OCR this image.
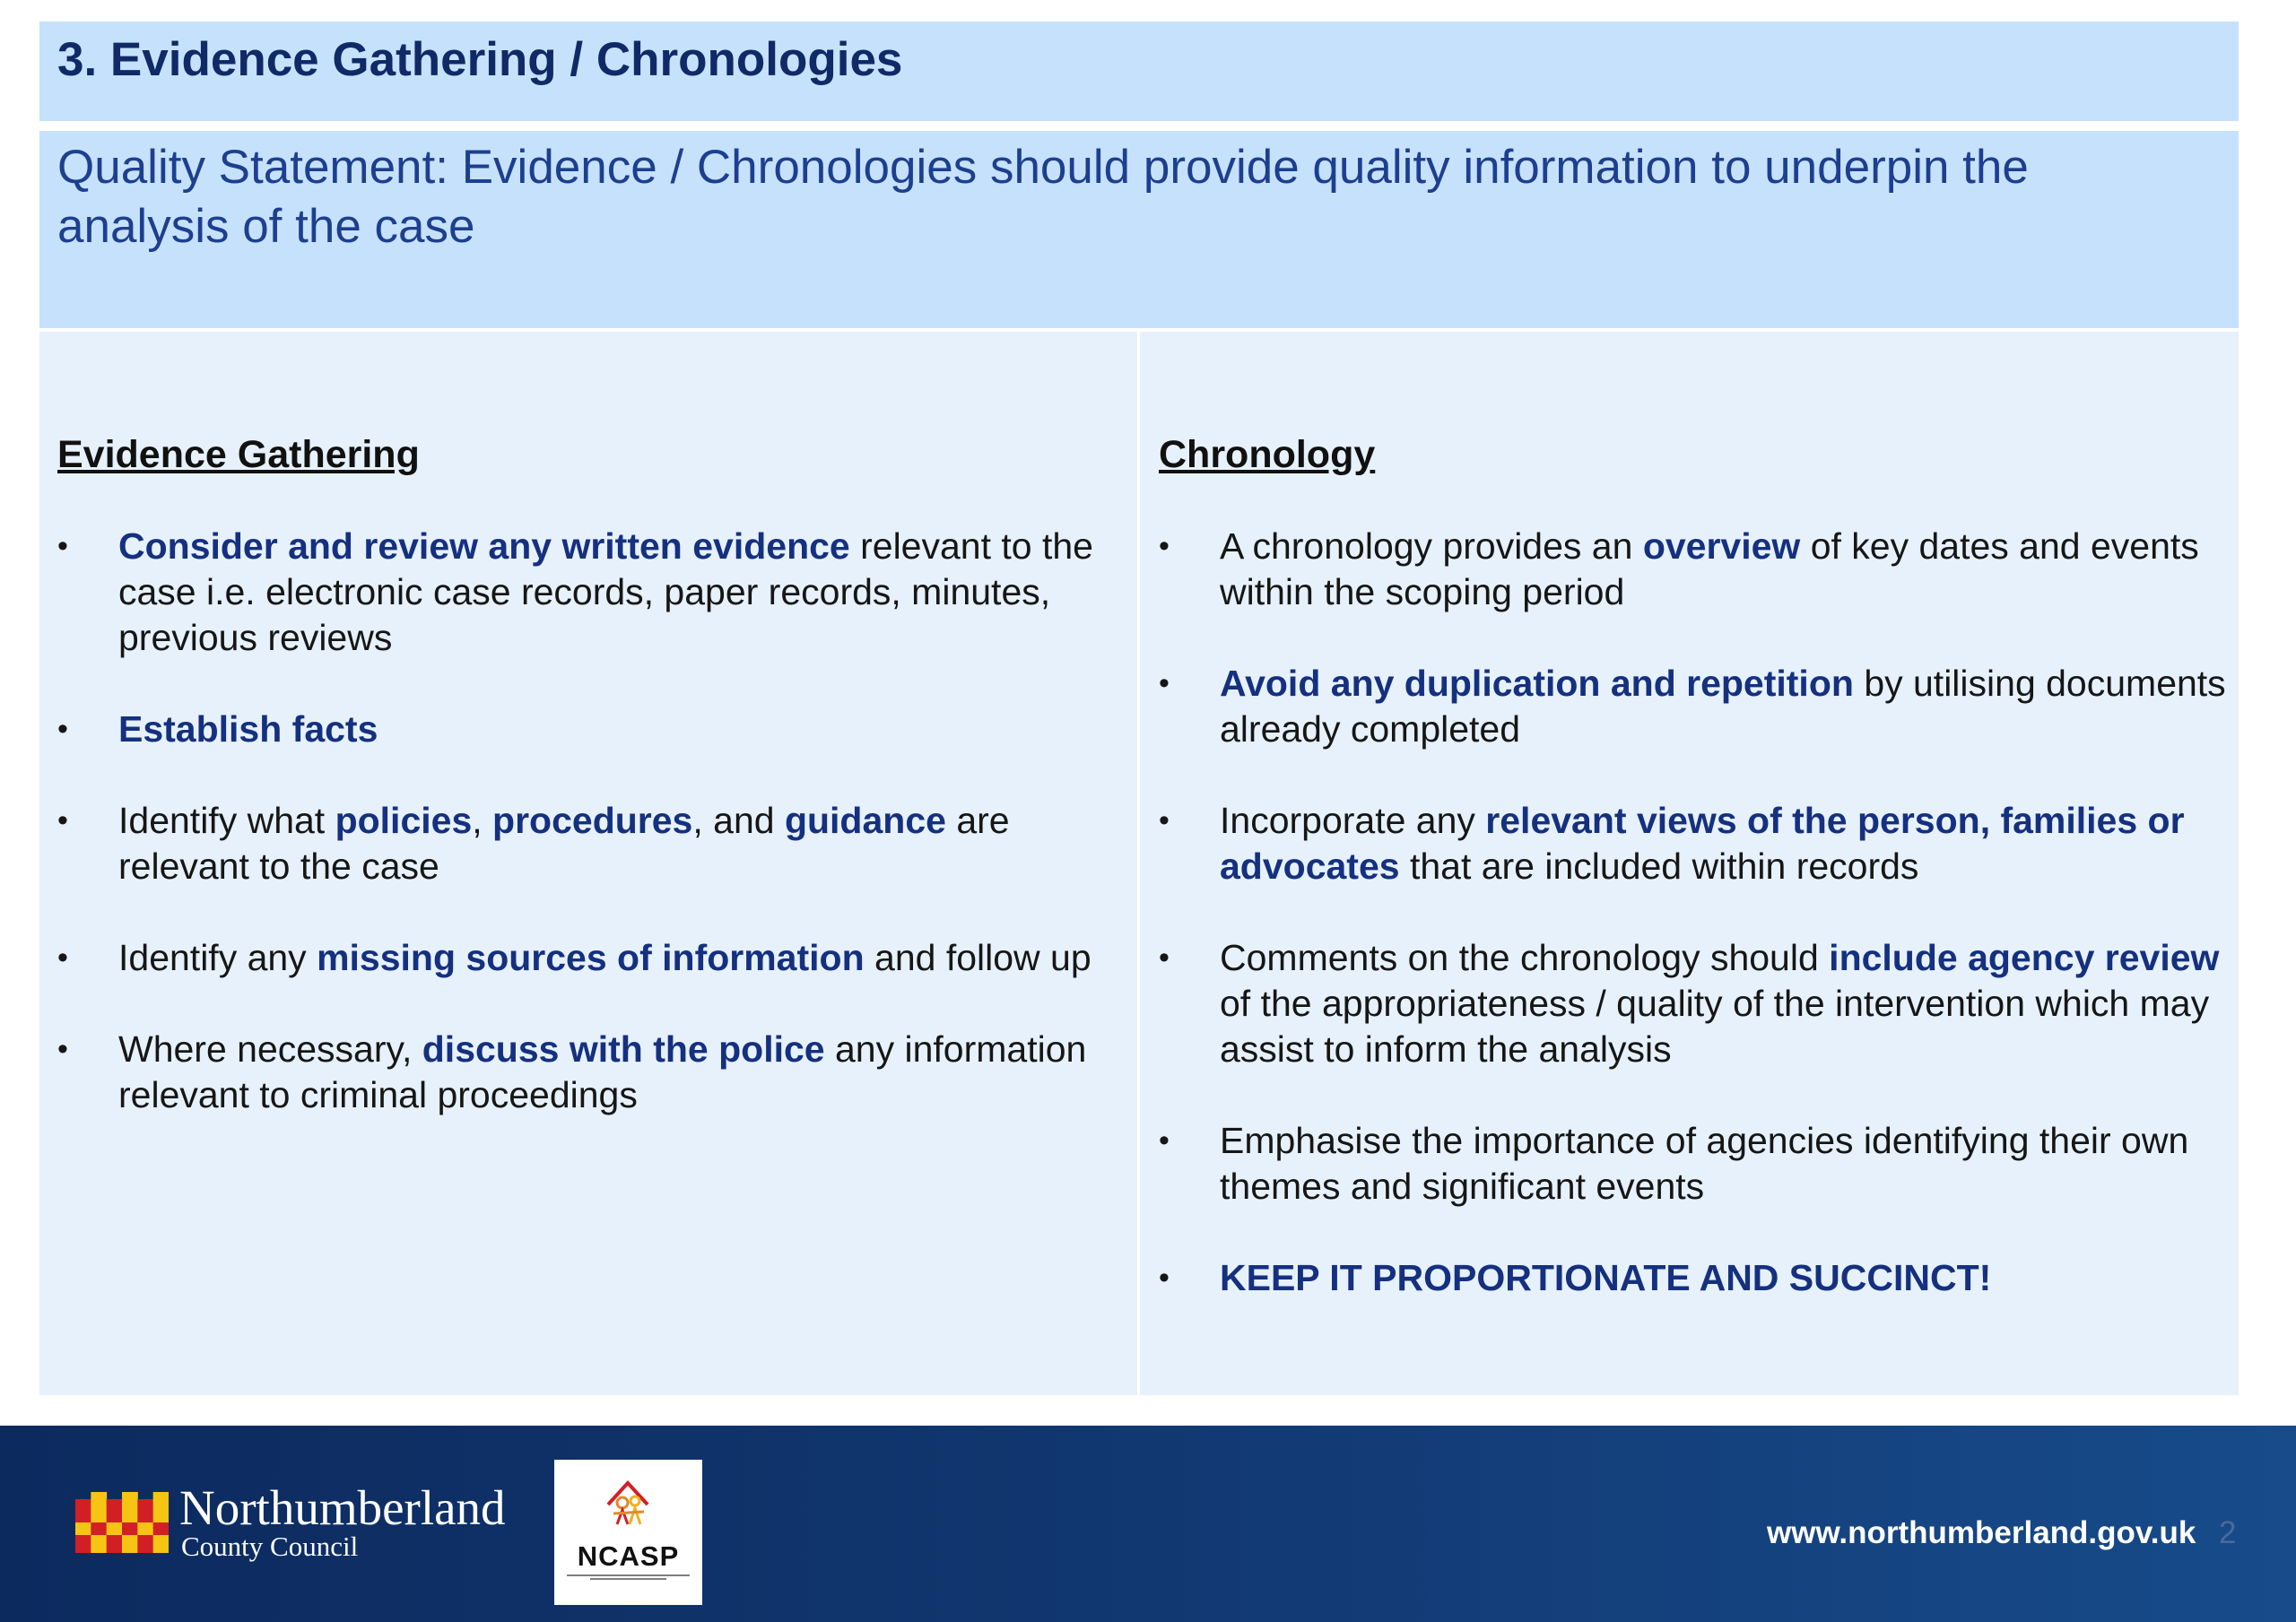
3. Evidence Gathering / Chronologies
Quality Statement: Evidence / Chronologies should provide quality information to underpin the analysis of the case
Evidence Gathering
•	Consider and review any written evidence relevant to the case i.e. electronic case records, paper records, minutes, previous reviews
•	Establish facts
•	Identify what policies, procedures, and guidance are relevant to the case
•	Identify any missing sources of information and follow up
•	Where necessary, discuss with the police any information relevant to criminal proceedings
Chronology
•	A chronology provides an overview of key dates and events within the scoping period
•	Avoid any duplication and repetition by utilising documents already completed
•	Incorporate any relevant views of the person, families or advocates that are included within records
•	Comments on the chronology should include agency review of the appropriateness / quality of the intervention which may assist to inform the analysis
•	Emphasise the importance of agencies identifying their own themes and significant events
•	KEEP IT PROPORTIONATE AND SUCCINCT!
Northumberland
County Council	NCASP
www.northumberland.gov.uk 2
